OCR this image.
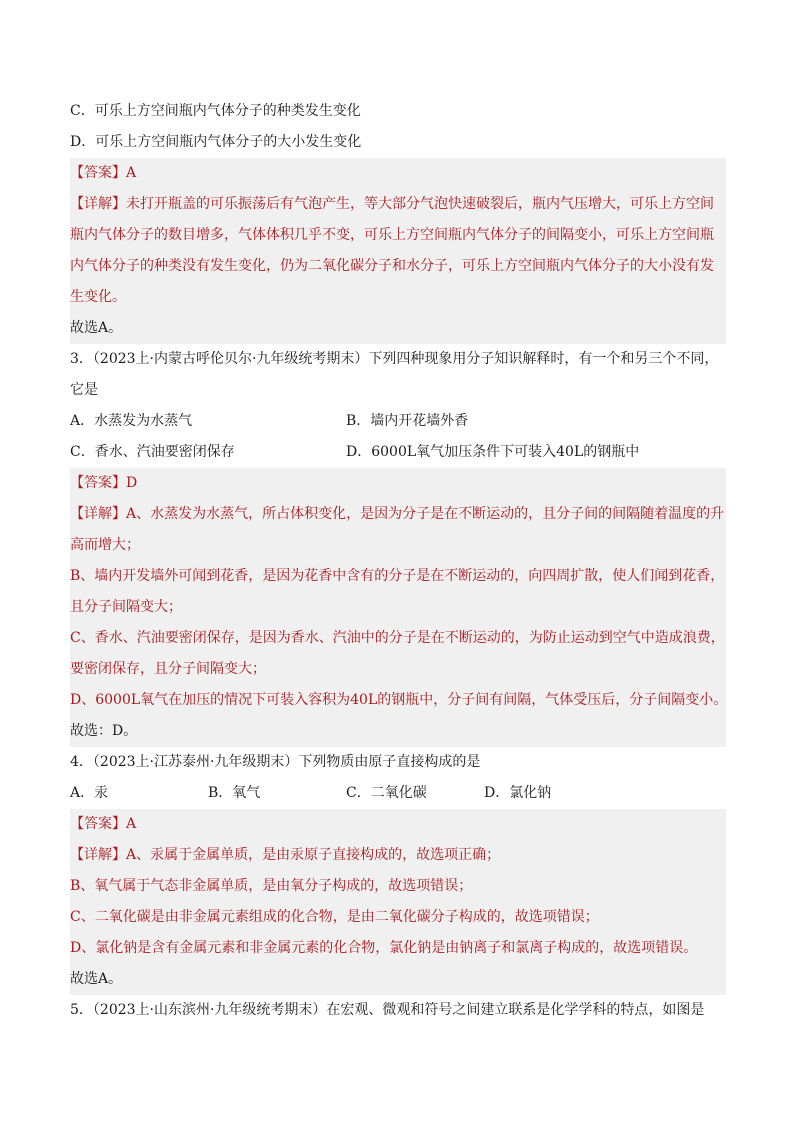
C．可乐上方空间瓶内气体分子的种类发生变化
D．可乐上方空间瓶内气体分子的大小发生变化
【答案】A
【详解】未打开瓶盖的可乐振荡后有气泡产生，等大部分气泡快速破裂后，瓶内气压增大，可乐上方空间
瓶内气体分子的数目增多，气体体积几乎不变，可乐上方空间瓶内气体分子的间隔变小，可乐上方空间瓶
内气体分子的种类没有发生变化，仍为二氧化碳分子和水分子，可乐上方空间瓶内气体分子的大小没有发
生变化。
故选A。
3．（2023上·内蒙古呼伦贝尔·九年级统考期末）下列四种现象用分子知识解释时，有一个和另三个不同，
它是
A．水蒸发为水蒸气	B．墙内开花墙外香
C．香水、汽油要密闭保存	D．6000L氧气加压条件下可装入40L的钢瓶中
【答案】D
【详解】A、水蒸发为水蒸气，所占体积变化，是因为分子是在不断运动的，且分子间的间隔随着温度的升
高而增大；
B、墙内开发墙外可闻到花香，是因为花香中含有的分子是在不断运动的，向四周扩散，使人们闻到花香，
且分子间隔变大；
C、香水、汽油要密闭保存，是因为香水、汽油中的分子是在不断运动的，为防止运动到空气中造成浪费，
要密闭保存，且分子间隔变大；
D、6000L氧气在加压的情况下可装入容积为40L的钢瓶中，分子间有间隔，气体受压后，分子间隔变小。
故选：D。
4．（2023上·江苏泰州·九年级期末）下列物质由原子直接构成的是
A．汞	B．氧气	C．二氧化碳	D．氯化钠
【答案】A
【详解】A、汞属于金属单质，是由汞原子直接构成的，故选项正确；
B、氧气属于气态非金属单质，是由氧分子构成的，故选项错误；
C、二氧化碳是由非金属元素组成的化合物，是由二氧化碳分子构成的，故选项错误；
D、氯化钠是含有金属元素和非金属元素的化合物，氯化钠是由钠离子和氯离子构成的，故选项错误。
故选A。
5．（2023上·山东滨州·九年级统考期末）在宏观、微观和符号之间建立联系是化学学科的特点，如图是
